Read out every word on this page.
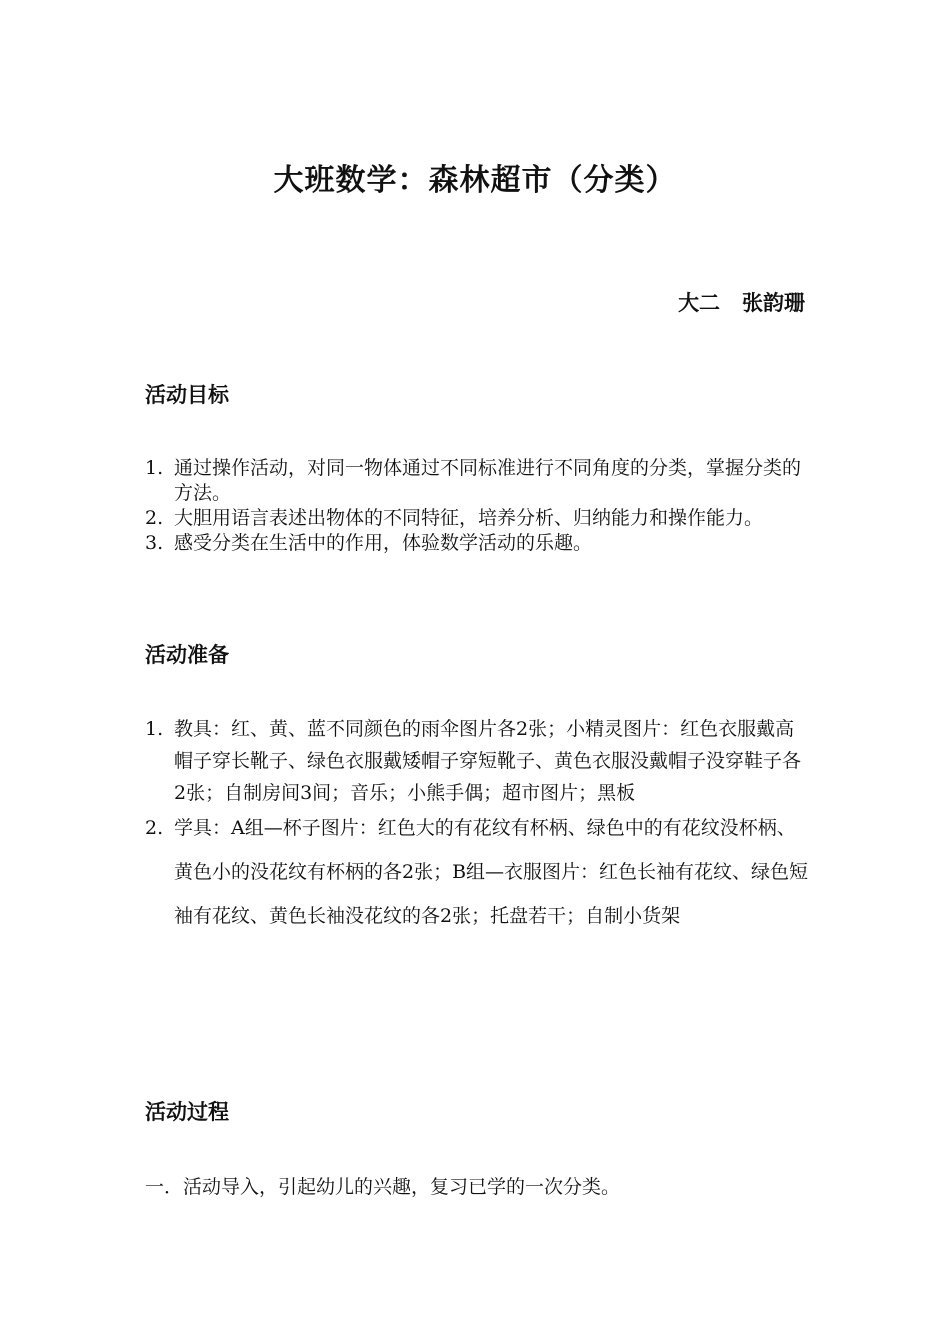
大班数学：森林超市（分类）

大二   张韵珊

活动目标
1. 通过操作活动，对同一物体通过不同标准进行不同角度的分类，掌握分类的方法。
2. 大胆用语言表述出物体的不同特征，培养分析、归纳能力和操作能力。
3. 感受分类在生活中的作用，体验数学活动的乐趣。
活动准备
1. 教具：红、黄、蓝不同颜色的雨伞图片各2张；小精灵图片：红色衣服戴高帽子穿长靴子、绿色衣服戴矮帽子穿短靴子、黄色衣服没戴帽子没穿鞋子各2张；自制房间3间；音乐；小熊手偶；超市图片；黑板
2. 学具：A组—杯子图片：红色大的有花纹有杯柄、绿色中的有花纹没杯柄、黄色小的没花纹有杯柄的各2张；B组—衣服图片：红色长袖有花纹、绿色短袖有花纹、黄色长袖没花纹的各2张；托盘若干；自制小货架
活动过程

一．活动导入，引起幼儿的兴趣，复习已学的一次分类。
